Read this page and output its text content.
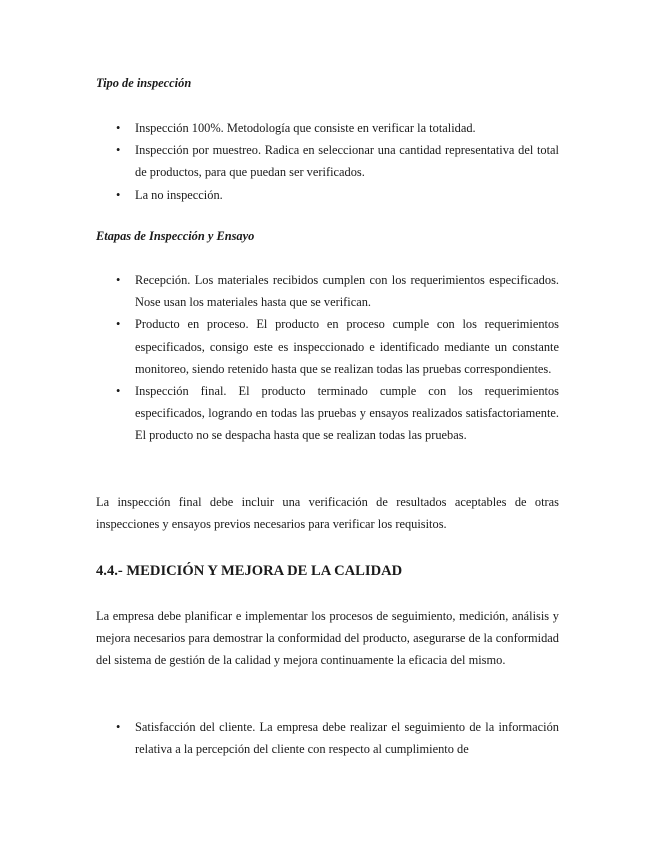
Tipo de inspección
• Inspección 100%. Metodología que consiste en verificar la totalidad.
• Inspección por muestreo. Radica en seleccionar una cantidad representativa del total de productos, para que puedan ser verificados.
• La no inspección.
Etapas de Inspección y Ensayo
• Recepción. Los materiales recibidos cumplen con los requerimientos especificados. Nose usan los materiales hasta que se verifican.
• Producto en proceso. El producto en proceso cumple con los requerimientos especificados, consigo este es inspeccionado e identificado mediante un constante monitoreo, siendo retenido hasta que se realizan todas las pruebas correspondientes.
• Inspección final. El producto terminado cumple con los requerimientos especificados, logrando en todas las pruebas y ensayos realizados satisfactoriamente. El producto no se despacha hasta que se realizan todas las pruebas.

La inspección final debe incluir una verificación de resultados aceptables de otras inspecciones y ensayos previos necesarios para verificar los requisitos.

4.4.- MEDICIÓN Y MEJORA DE LA CALIDAD

La empresa debe planificar e implementar los procesos de seguimiento, medición, análisis y mejora necesarios para demostrar la conformidad del producto, asegurarse de la conformidad del sistema de gestión de la calidad y mejora continuamente la eficacia del mismo.

• Satisfacción del cliente. La empresa debe realizar el seguimiento de la información relativa a la percepción del cliente con respecto al cumplimiento de
